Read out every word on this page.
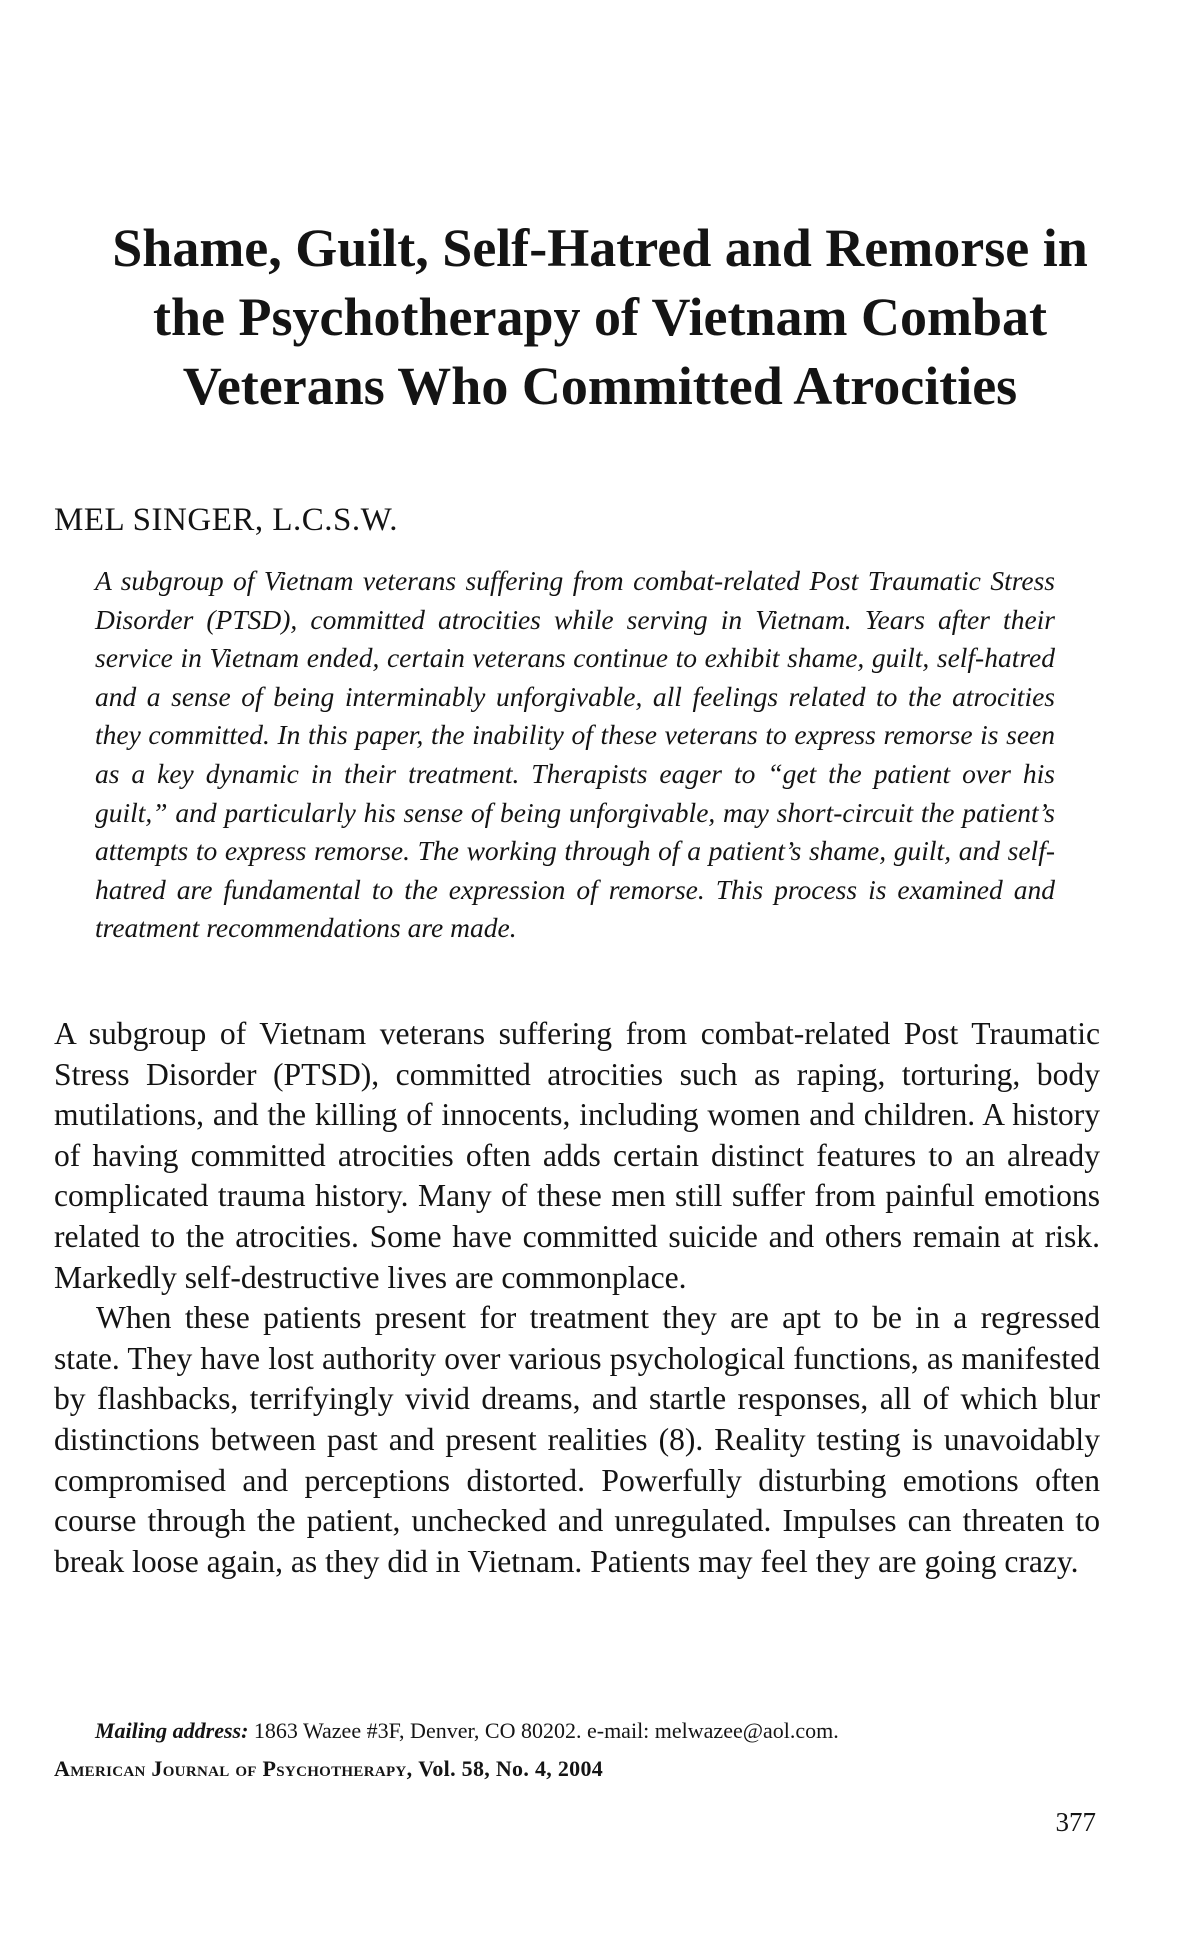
Shame, Guilt, Self-Hatred and Remorse in
the Psychotherapy of Vietnam Combat
Veterans Who Committed Atrocities

MEL SINGER, L.C.S.W.

A subgroup of Vietnam veterans suffering from combat-related Post Traumatic Stress Disorder (PTSD), committed atrocities while serving in Vietnam. Years after their service in Vietnam ended, certain veterans continue to exhibit shame, guilt, self-hatred and a sense of being interminably unforgivable, all feelings related to the atrocities they committed. In this paper, the inability of these veterans to express remorse is seen as a key dynamic in their treatment. Therapists eager to “get the patient over his guilt,” and particularly his sense of being unforgivable, may short-circuit the patient’s attempts to express remorse. The working through of a patient’s shame, guilt, and self-hatred are fundamental to the expression of remorse. This process is examined and treatment recommendations are made.

A subgroup of Vietnam veterans suffering from combat-related Post Traumatic Stress Disorder (PTSD), committed atrocities such as raping, torturing, body mutilations, and the killing of innocents, including women and children. A history of having committed atrocities often adds certain distinct features to an already complicated trauma history. Many of these men still suffer from painful emotions related to the atrocities. Some have committed suicide and others remain at risk. Markedly self-destructive lives are commonplace.

When these patients present for treatment they are apt to be in a regressed state. They have lost authority over various psychological functions, as manifested by flashbacks, terrifyingly vivid dreams, and startle responses, all of which blur distinctions between past and present realities (8). Reality testing is unavoidably compromised and perceptions distorted. Powerfully disturbing emotions often course through the patient, unchecked and unregulated. Impulses can threaten to break loose again, as they did in Vietnam. Patients may feel they are going crazy.

Mailing address: 1863 Wazee #3F, Denver, CO 80202. e-mail: melwazee@aol.com.

American Journal of Psychotherapy, Vol. 58, No. 4, 2004

377
